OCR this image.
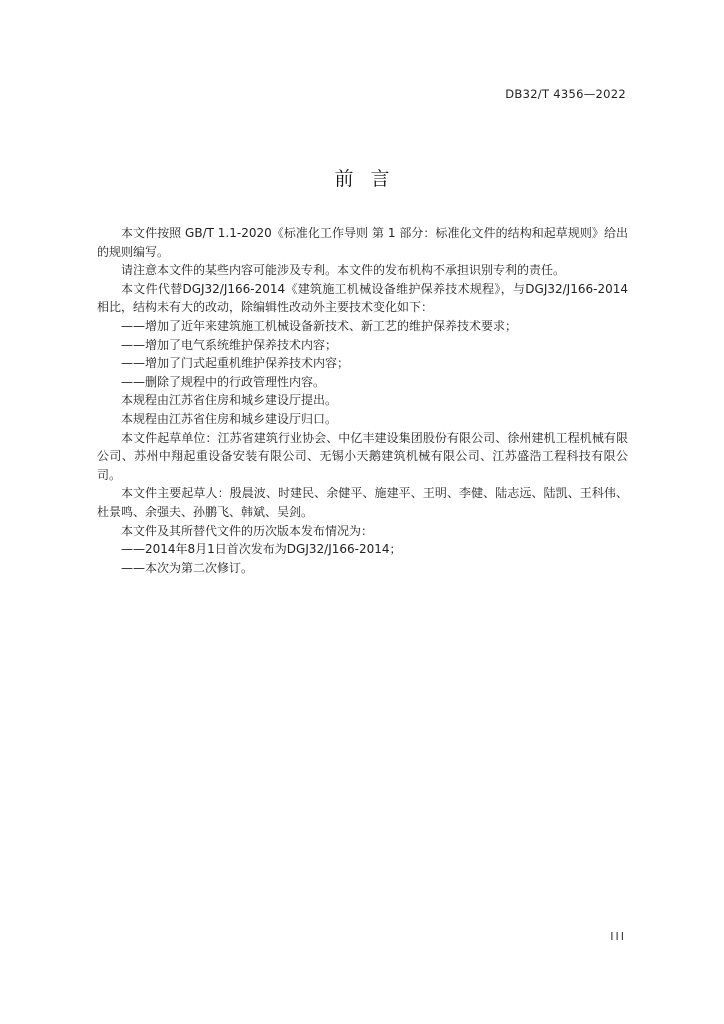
DB32/T 4356—2022
前言

本文件按照 GB/T 1.1-2020《标准化工作导则 第 1 部分：标准化文件的结构和起草规则》给出的规则编写。

请注意本文件的某些内容可能涉及专利。本文件的发布机构不承担识别专利的责任。

本文件代替DGJ32/J166-2014《建筑施工机械设备维护保养技术规程》，与DGJ32/J166-2014相比，结构未有大的改动，除编辑性改动外主要技术变化如下：

——增加了近年来建筑施工机械设备新技术、新工艺的维护保养技术要求；

——增加了电气系统维护保养技术内容；

——增加了门式起重机维护保养技术内容；

——删除了规程中的行政管理性内容。

本规程由江苏省住房和城乡建设厅提出。

本规程由江苏省住房和城乡建设厅归口。

本文件起草单位：江苏省建筑行业协会、中亿丰建设集团股份有限公司、徐州建机工程机械有限公司、苏州中翔起重设备安装有限公司、无锡小天鹅建筑机械有限公司、江苏盛浩工程科技有限公司。

本文件主要起草人：殷晨波、时建民、余健平、施建平、王明、李健、陆志远、陆凯、王科伟、杜景鸣、余强夫、孙鹏飞、韩斌、吴剑。

本文件及其所替代文件的历次版本发布情况为：

——2014年8月1日首次发布为DGJ32/J166-2014；

——本次为第二次修订。

III
